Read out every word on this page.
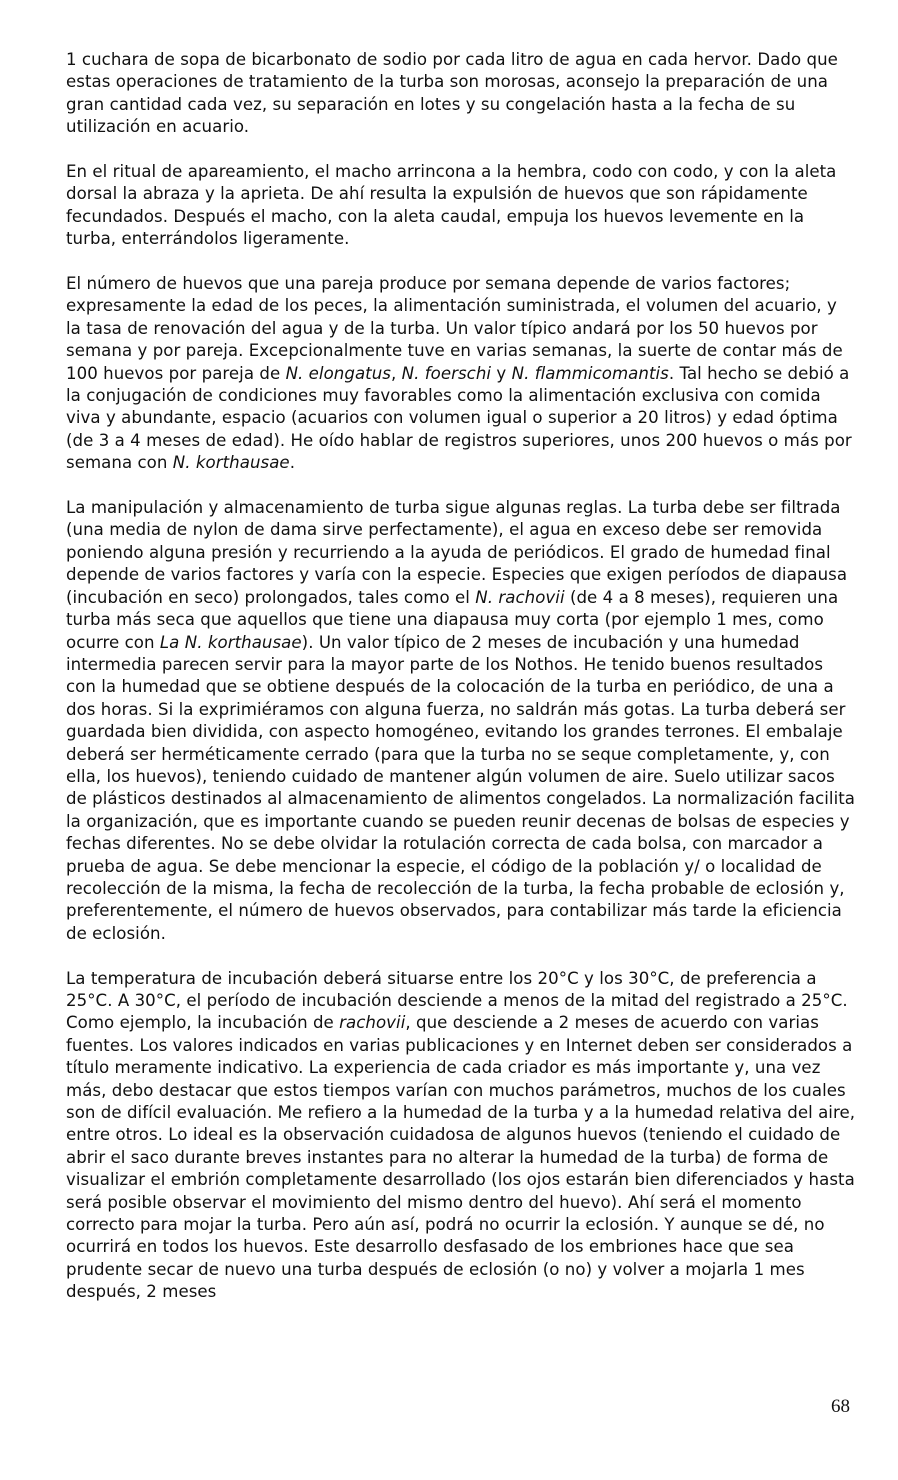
1 cuchara de sopa de bicarbonato de sodio por cada litro de agua en cada hervor. Dado que estas operaciones de tratamiento de la turba son morosas, aconsejo la preparación de una gran cantidad cada vez, su separación en lotes y su congelación hasta a la fecha de su utilización en acuario.

En el ritual de apareamiento, el macho arrincona a la hembra, codo con codo, y con la aleta dorsal la abraza y la aprieta. De ahí resulta la expulsión de huevos que son rápidamente fecundados. Después el macho, con la aleta caudal, empuja los huevos levemente en la turba, enterrándolos ligeramente.

El número de huevos que una pareja produce por semana depende de varios factores; expresamente la edad de los peces, la alimentación suministrada, el volumen del acuario, y la tasa de renovación del agua y de la turba. Un valor típico andará por los 50 huevos por semana y por pareja. Excepcionalmente tuve en varias semanas, la suerte de contar más de 100 huevos por pareja de N. elongatus, N. foerschi y N. flammicomantis. Tal hecho se debió a la conjugación de condiciones muy favorables como la alimentación exclusiva con comida viva y abundante, espacio (acuarios con volumen igual o superior a 20 litros) y edad óptima (de 3 a 4 meses de edad). He oído hablar de registros superiores, unos 200 huevos o más por semana con N. korthausae.

La manipulación y almacenamiento de turba sigue algunas reglas. La turba debe ser filtrada (una media de nylon de dama sirve perfectamente), el agua en exceso debe ser removida poniendo alguna presión y recurriendo a la ayuda de periódicos. El grado de humedad final depende de varios factores y varía con la especie. Especies que exigen períodos de diapausa (incubación en seco) prolongados, tales como el N. rachovii (de 4 a 8 meses), requieren una turba más seca que aquellos que tiene una diapausa muy corta (por ejemplo 1 mes, como ocurre con La N. korthausae). Un valor típico de 2 meses de incubación y una humedad intermedia parecen servir para la mayor parte de los Nothos. He tenido buenos resultados con la humedad que se obtiene después de la colocación de la turba en periódico, de una a dos horas. Si la exprimiéramos con alguna fuerza, no saldrán más gotas. La turba deberá ser guardada bien dividida, con aspecto homogéneo, evitando los grandes terrones. El embalaje deberá ser herméticamente cerrado (para que la turba no se seque completamente, y, con ella, los huevos), teniendo cuidado de mantener algún volumen de aire. Suelo utilizar sacos de plásticos destinados al almacenamiento de alimentos congelados. La normalización facilita la organización, que es importante cuando se pueden reunir decenas de bolsas de especies y fechas diferentes. No se debe olvidar la rotulación correcta de cada bolsa, con marcador a prueba de agua. Se debe mencionar la especie, el código de la población y/ o localidad de recolección de la misma, la fecha de recolección de la turba, la fecha probable de eclosión y, preferentemente, el número de huevos observados, para contabilizar más tarde la eficiencia de eclosión.

La temperatura de incubación deberá situarse entre los 20°C y los 30°C, de preferencia a 25°C. A 30°C, el período de incubación desciende a menos de la mitad del registrado a 25°C. Como ejemplo, la incubación de rachovii, que desciende a 2 meses de acuerdo con varias fuentes. Los valores indicados en varias publicaciones y en Internet deben ser considerados a título meramente indicativo. La experiencia de cada criador es más importante y, una vez más, debo destacar que estos tiempos varían con muchos parámetros, muchos de los cuales son de difícil evaluación. Me refiero a la humedad de la turba y a la humedad relativa del aire, entre otros. Lo ideal es la observación cuidadosa de algunos huevos (teniendo el cuidado de abrir el saco durante breves instantes para no alterar la humedad de la turba) de forma de visualizar el embrión completamente desarrollado (los ojos estarán bien diferenciados y hasta será posible observar el movimiento del mismo dentro del huevo). Ahí será el momento correcto para mojar la turba. Pero aún así, podrá no ocurrir la eclosión. Y aunque se dé, no ocurrirá en todos los huevos. Este desarrollo desfasado de los embriones hace que sea prudente secar de nuevo una turba después de eclosión (o no) y volver a mojarla 1 mes después, 2 meses

68
